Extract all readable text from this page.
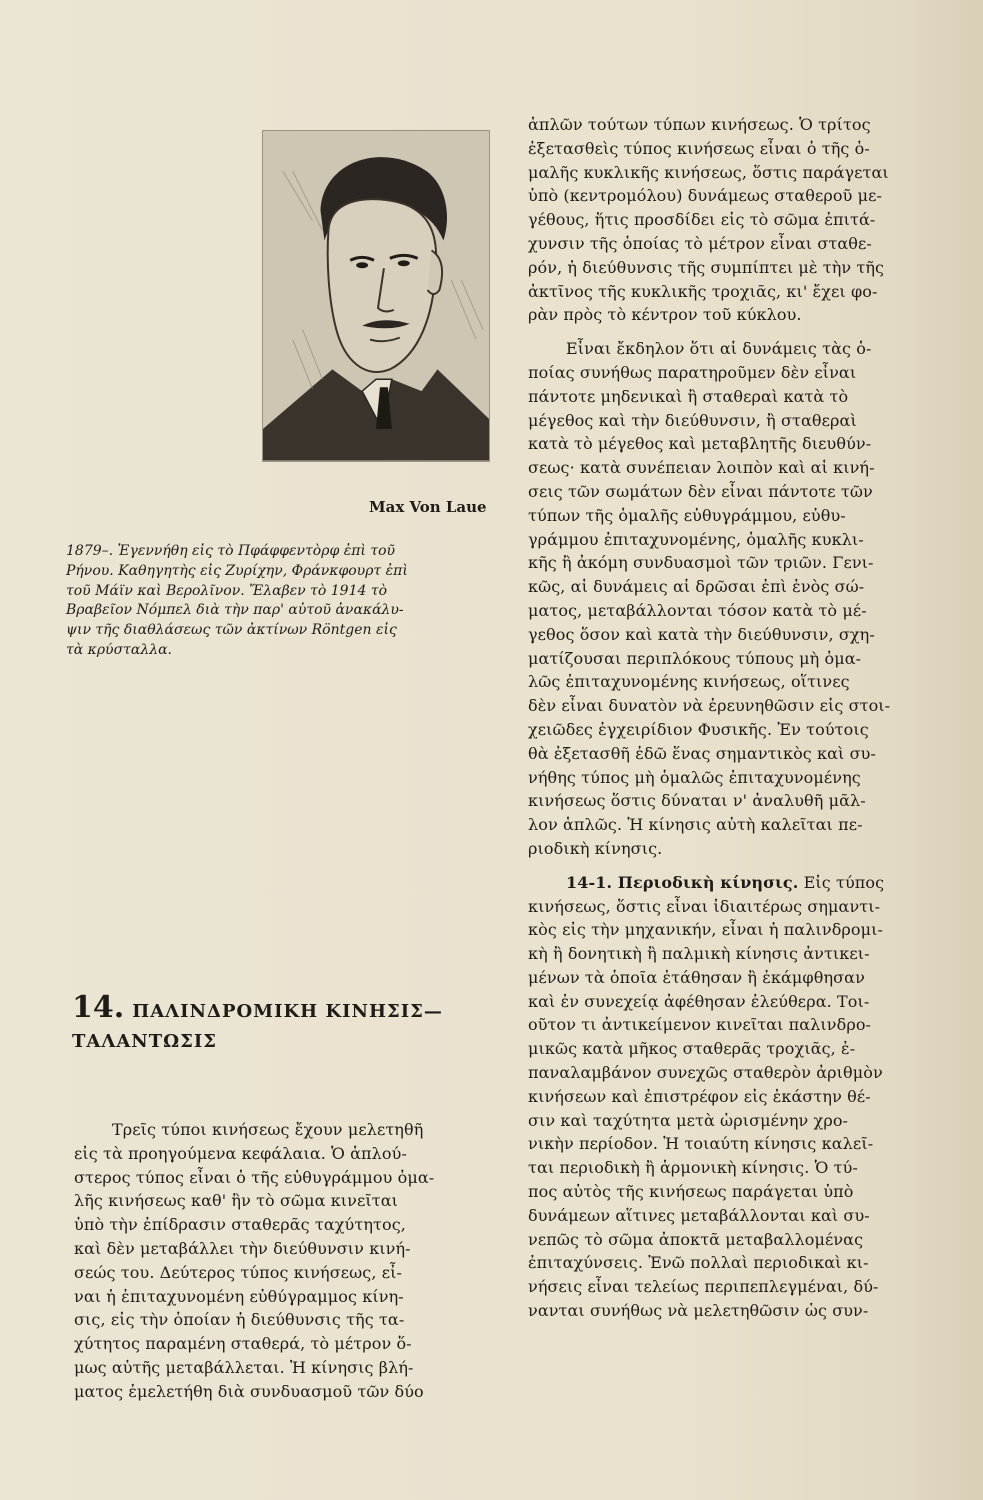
Max Von Laue
1879–. Ἐγεννήθη εἰς τὸ Πφάφφεντὸρφ ἐπὶ τοῦ
Ρήνου. Καθηγητὴς εἰς Ζυρίχην, Φράνκφουρτ ἐπὶ
τοῦ Μάϊν καὶ Βερολῖνον. Ἔλαβεν τὸ 1914 τὸ
Βραβεῖον Νόμπελ διὰ τὴν παρ' αὐτοῦ ἀνακάλυ-
ψιν τῆς διαθλάσεως τῶν ἀκτίνων Röntgen εἰς
τὰ κρύσταλλα.
14. ΠΑΛΙΝΔΡΟΜΙΚΗ ΚΙΝΗΣΙΣ—
ΤΑΛΑΝΤΩΣΙΣ
Τρεῖς τύποι κινήσεως ἔχουν μελετηθῆ
εἰς τὰ προηγούμενα κεφάλαια. Ὁ ἁπλού-
στερος τύπος εἶναι ὁ τῆς εὐθυγράμμου ὁμα-
λῆς κινήσεως καθ' ἣν τὸ σῶμα κινεῖται
ὑπὸ τὴν ἐπίδρασιν σταθερᾶς ταχύτητος,
καὶ δὲν μεταβάλλει τὴν διεύθυνσιν κινή-
σεώς του. Δεύτερος τύπος κινήσεως, εἶ-
ναι ἡ ἐπιταχυνομένη εὐθύγραμμος κίνη-
σις, εἰς τὴν ὁποίαν ἡ διεύθυνσις τῆς τα-
χύτητος παραμένη σταθερά, τὸ μέτρον ὅ-
μως αὐτῆς μεταβάλλεται. Ἡ κίνησις βλή-
ματος ἐμελετήθη διὰ συνδυασμοῦ τῶν δύο
ἁπλῶν τούτων τύπων κινήσεως. Ὁ τρίτος
ἐξετασθεὶς τύπος κινήσεως εἶναι ὁ τῆς ὁ-
μαλῆς κυκλικῆς κινήσεως, ὅστις παράγεται
ὑπὸ (κεντρομόλου) δυνάμεως σταθεροῦ με-
γέθους, ἥτις προσδίδει εἰς τὸ σῶμα ἐπιτά-
χυνσιν τῆς ὁποίας τὸ μέτρον εἶναι σταθε-
ρόν, ἡ διεύθυνσις τῆς συμπίπτει μὲ τὴν τῆς
ἀκτῖνος τῆς κυκλικῆς τροχιᾶς, κι' ἔχει φο-
ρὰν πρὸς τὸ κέντρον τοῦ κύκλου.
Εἶναι ἔκδηλον ὅτι αἱ δυνάμεις τὰς ὁ-
ποίας συνήθως παρατηροῦμεν δὲν εἶναι
πάντοτε μηδενικαὶ ἢ σταθεραὶ κατὰ τὸ
μέγεθος καὶ τὴν διεύθυνσιν, ἢ σταθεραὶ
κατὰ τὸ μέγεθος καὶ μεταβλητῆς διευθύν-
σεως· κατὰ συνέπειαν λοιπὸν καὶ αἱ κινή-
σεις τῶν σωμάτων δὲν εἶναι πάντοτε τῶν
τύπων τῆς ὁμαλῆς εὐθυγράμμου, εὐθυ-
γράμμου ἐπιταχυνομένης, ὁμαλῆς κυκλι-
κῆς ἢ ἀκόμη συνδυασμοὶ τῶν τριῶν. Γενι-
κῶς, αἱ δυνάμεις αἱ δρῶσαι ἐπὶ ἑνὸς σώ-
ματος, μεταβάλλονται τόσον κατὰ τὸ μέ-
γεθος ὅσον καὶ κατὰ τὴν διεύθυνσιν, σχη-
ματίζουσαι περιπλόκους τύπους μὴ ὁμα-
λῶς ἐπιταχυνομένης κινήσεως, οἵτινες
δὲν εἶναι δυνατὸν νὰ ἐρευνηθῶσιν εἰς στοι-
χειῶδες ἐγχειρίδιον Φυσικῆς. Ἐν τούτοις
θὰ ἐξετασθῆ ἐδῶ ἕνας σημαντικὸς καὶ συ-
νήθης τύπος μὴ ὁμαλῶς ἐπιταχυνομένης
κινήσεως ὅστις δύναται ν' ἀναλυθῆ μᾶλ-
λον ἁπλῶς. Ἡ κίνησις αὐτὴ καλεῖται πε-
ριοδικὴ κίνησις.
14-1. Περιοδικὴ κίνησις. Εἰς τύπος
κινήσεως, ὅστις εἶναι ἰδιαιτέρως σημαντι-
κὸς εἰς τὴν μηχανικήν, εἶναι ἡ παλινδρομι-
κὴ ἢ δονητικὴ ἢ παλμικὴ κίνησις ἀντικει-
μένων τὰ ὁποῖα ἐτάθησαν ἢ ἐκάμφθησαν
καὶ ἐν συνεχείᾳ ἀφέθησαν ἐλεύθερα. Τοι-
οῦτον τι ἀντικείμενον κινεῖται παλινδρο-
μικῶς κατὰ μῆκος σταθερᾶς τροχιᾶς, ἐ-
παναλαμβάνον συνεχῶς σταθερὸν ἀριθμὸν
κινήσεων καὶ ἐπιστρέφον εἰς ἑκάστην θέ-
σιν καὶ ταχύτητα μετὰ ὡρισμένην χρο-
νικὴν περίοδον. Ἡ τοιαύτη κίνησις καλεῖ-
ται περιοδικὴ ἢ ἁρμονικὴ κίνησις. Ὁ τύ-
πος αὐτὸς τῆς κινήσεως παράγεται ὑπὸ
δυνάμεων αἵτινες μεταβάλλονται καὶ συ-
νεπῶς τὸ σῶμα ἀποκτᾶ μεταβαλλομένας
ἐπιταχύνσεις. Ἐνῶ πολλαὶ περιοδικαὶ κι-
νήσεις εἶναι τελείως περιπεπλεγμέναι, δύ-
νανται συνήθως νὰ μελετηθῶσιν ὡς συν-
